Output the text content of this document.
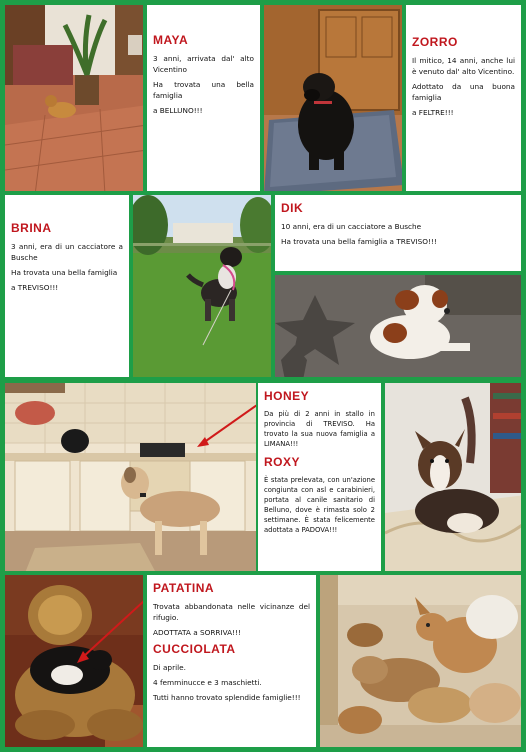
MAYA
3 anni, arrivata dal' alto Vicentino
Ha trovata una bella famiglia
a BELLUNO!!!
ZORRO
Il mitico, 14 anni, anche lui è venuto dal' alto Vicentino.
Adottato da una buona famiglia
a FELTRE!!!
BRINA
3 anni, era di un cacciatore a Busche
Ha trovata una bella famiglia
a TREVISO!!!
DIK
10 anni, era di un cacciatore a Busche
Ha trovata una bella famiglia a TREVISO!!!
HONEY
Da più di 2 anni in stallo in provincia di TREVISO. Ha trovato la sua nuova famiglia a LIMANA!!!
ROXY
È stata prelevata, con un'azione congiunta con asl e carabinieri, portata al canile sanitario di Belluno, dove è rimasta solo 2 settimane. È stata felicemente adottata a PADOVA!!!
PATATINA
Trovata abbandonata nelle vicinanze del rifugio.
ADOTTATA a SORRIVA!!!
CUCCIOLATA
Di aprile.
4 femminucce e 3 maschietti.
Tutti hanno trovato splendide famiglie!!!
